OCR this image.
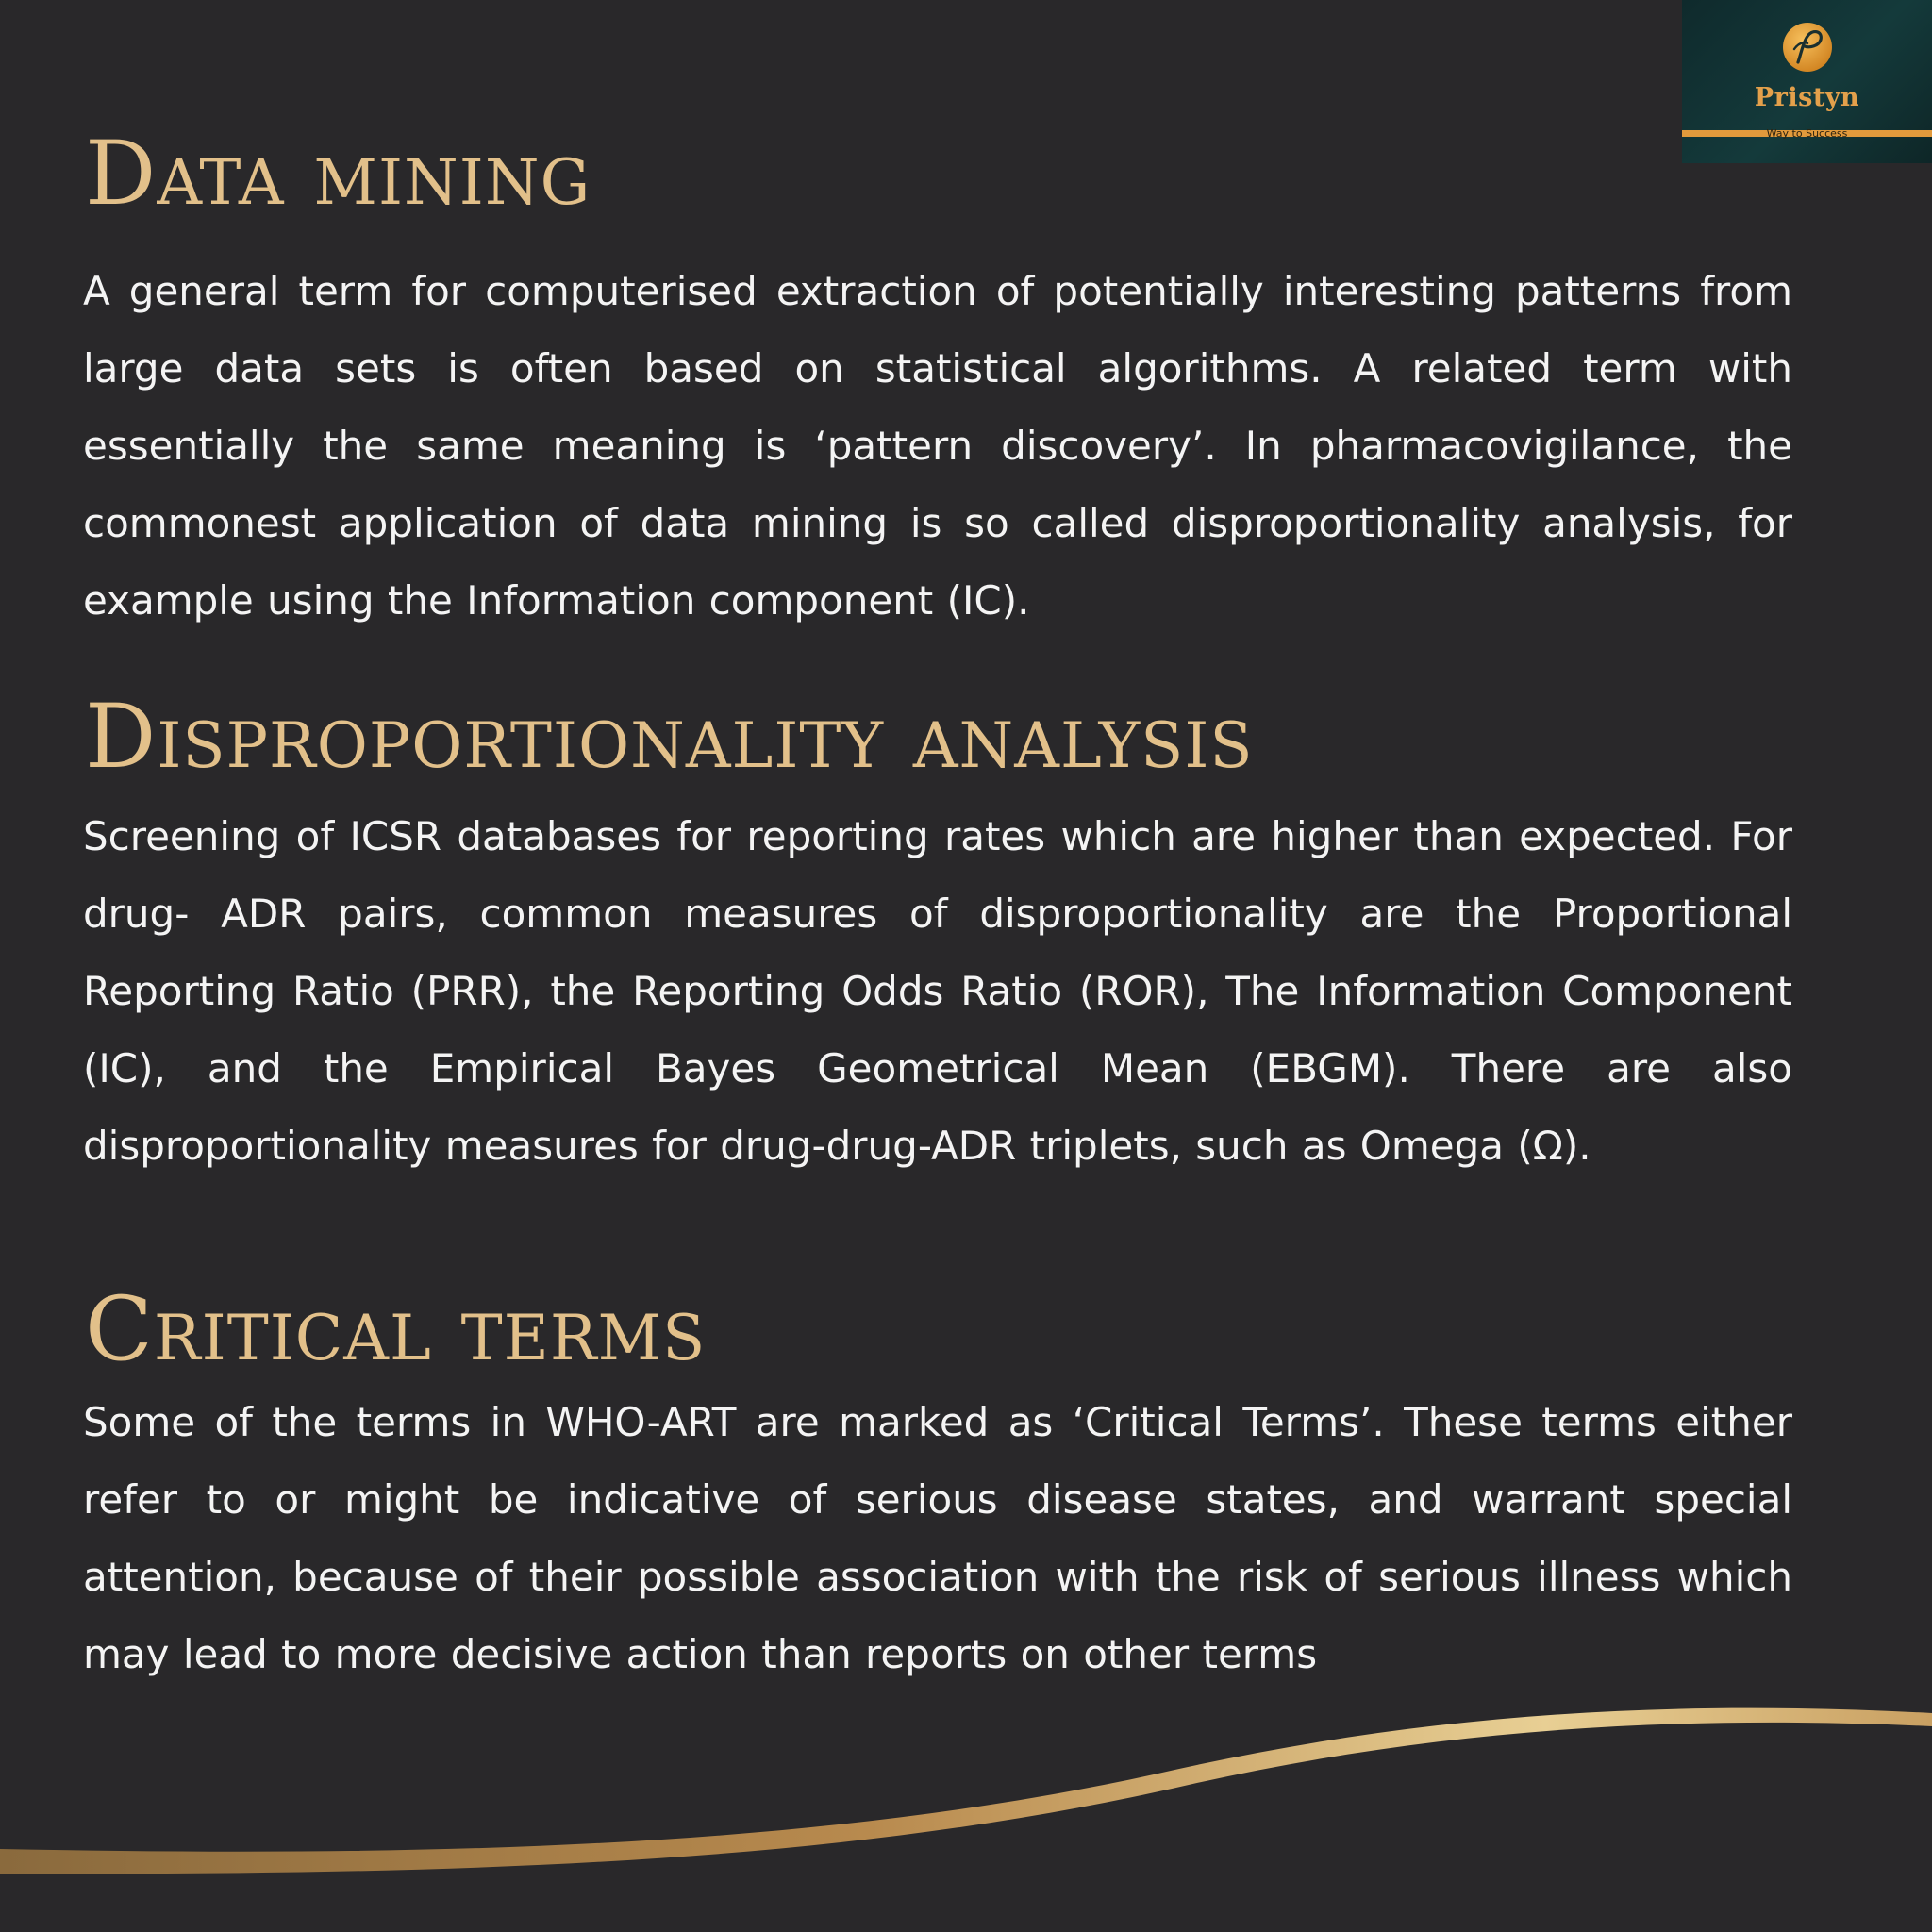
Pristyn
Way to Success
Data mining

A general term for computerised extraction of potentially interesting patterns from large data sets is often based on statistical algorithms. A related term with essentially the same meaning is ‘pattern discovery’. In pharmacovigilance, the commonest application of data mining is so called disproportionality analysis, for example using the Information component (IC).

Disproportionality analysis

Screening of ICSR databases for reporting rates which are higher than expected. For drug- ADR pairs, common measures of disproportionality are the Proportional Reporting Ratio (PRR), the Reporting Odds Ratio (ROR), The Information Component (IC), and the Empirical Bayes Geometrical Mean (EBGM). There are also disproportionality measures for drug-drug-ADR triplets, such as Omega (Ω).

Critical terms

Some of the terms in WHO-ART are marked as ‘Critical Terms’. These terms either refer to or might be indicative of serious disease states, and warrant special attention, because of their possible association with the risk of serious illness which may lead to more decisive action than reports on other terms
